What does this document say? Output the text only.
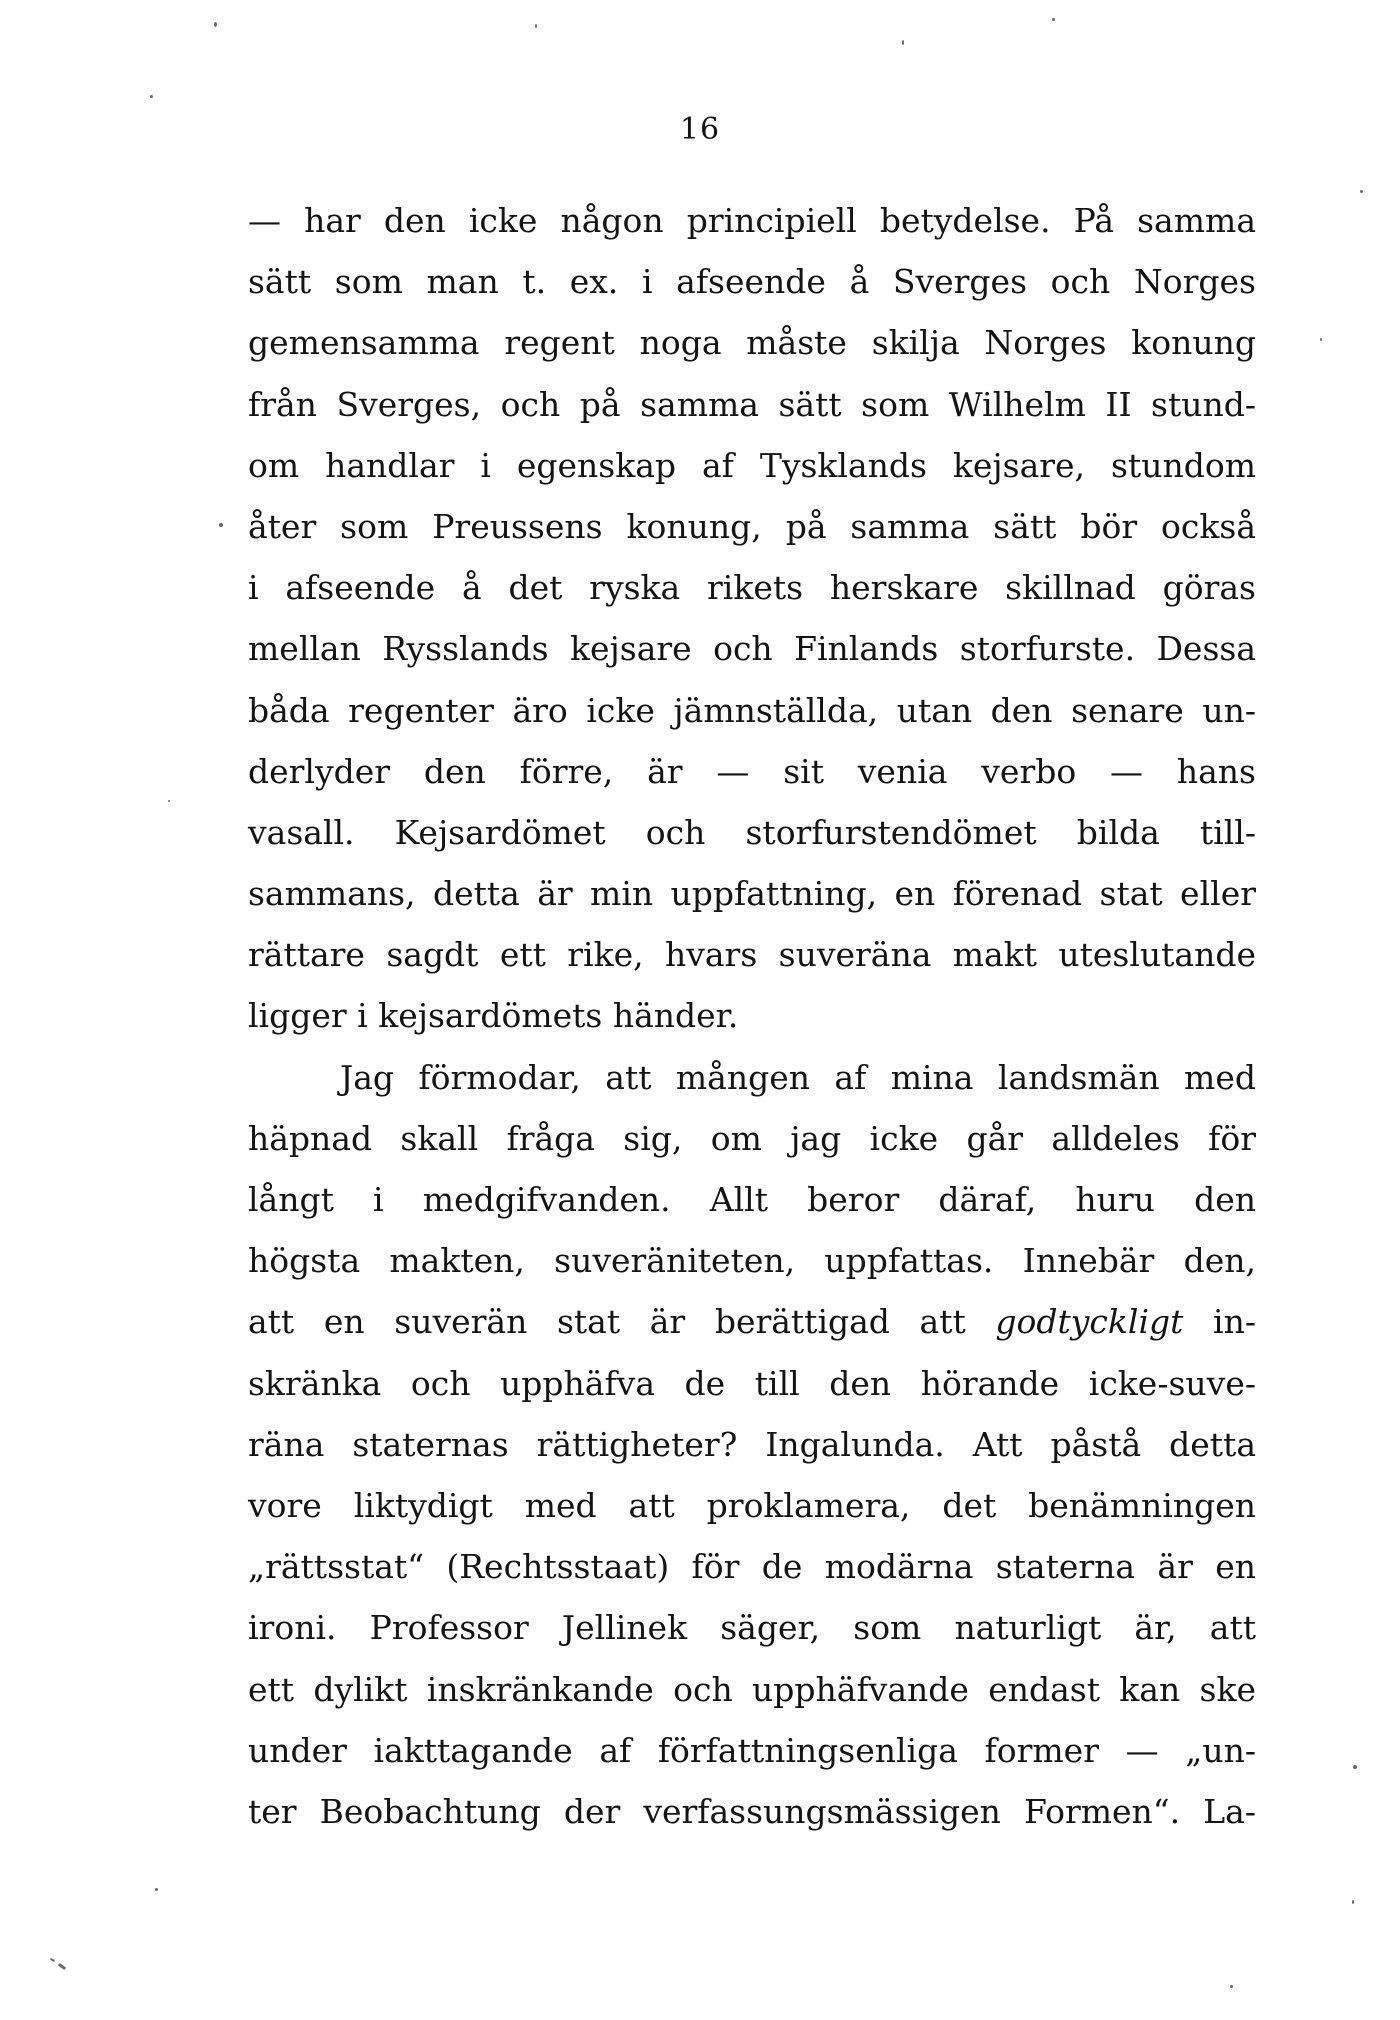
16
— har den icke någon principiell betydelse. På samma
sätt som man t. ex. i afseende å Sverges och Norges
gemensamma regent noga måste skilja Norges konung
från Sverges, och på samma sätt som Wilhelm II stund-
om handlar i egenskap af Tysklands kejsare, stundom
åter som Preussens konung, på samma sätt bör också
i afseende å det ryska rikets herskare skillnad göras
mellan Rysslands kejsare och Finlands storfurste. Dessa
båda regenter äro icke jämnställda, utan den senare un-
derlyder den förre, är — sit venia verbo — hans
vasall. Kejsardömet och storfurstendömet bilda till-
sammans, detta är min uppfattning, en förenad stat eller
rättare sagdt ett rike, hvars suveräna makt uteslutande
ligger i kejsardömets händer.
Jag förmodar, att mången af mina landsmän med
häpnad skall fråga sig, om jag icke går alldeles för
långt i medgifvanden. Allt beror däraf, huru den
högsta makten, suveräniteten, uppfattas. Innebär den,
att en suverän stat är berättigad att godtyckligt in-
skränka och upphäfva de till den hörande icke-suve-
räna staternas rättigheter? Ingalunda. Att påstå detta
vore liktydigt med att proklamera, det benämningen
„rättsstat“ (Rechtsstaat) för de modärna staterna är en
ironi. Professor Jellinek säger, som naturligt är, att
ett dylikt inskränkande och upphäfvande endast kan ske
under iakttagande af författningsenliga former — „un-
ter Beobachtung der verfassungsmässigen Formen“. La-
